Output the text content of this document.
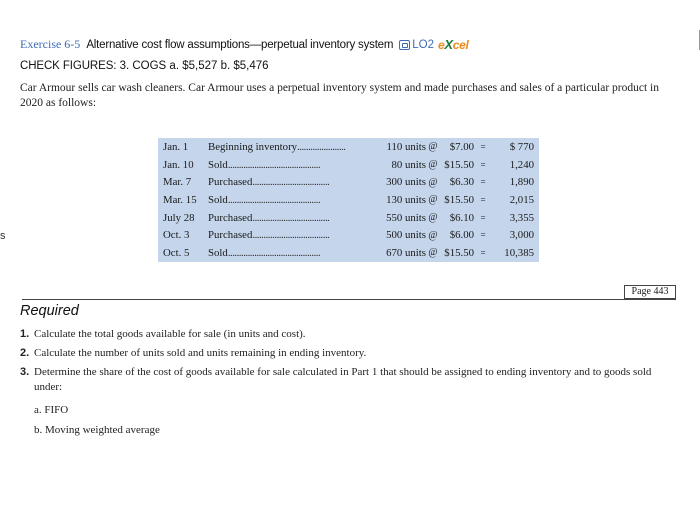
s
Exercise 6-5 Alternative cost flow assumptions—perpetual inventory system LO2 eXcel
CHECK FIGURES: 3. COGS a. $5,527 b. $5,476
Car Armour sells car wash cleaners. Car Armour uses a perpetual inventory system and made purchases and sales of a particular product in 2020 as follows:
Jan. 1	Beginning inventory......................	110 units	@	$7.00	=	$ 770
Jan. 10	Sold..........................................	80 units	@	$15.50	=	1,240
Mar. 7	Purchased...................................	300 units	@	$6.30	=	1,890
Mar. 15	Sold..........................................	130 units	@	$15.50	=	2,015
July 28	Purchased...................................	550 units	@	$6.10	=	3,355
Oct. 3	Purchased...................................	500 units	@	$6.00	=	3,000
Oct. 5	Sold..........................................	670 units	@	$15.50	=	10,385
Page 443
Required
1. Calculate the total goods available for sale (in units and cost).
2. Calculate the number of units sold and units remaining in ending inventory.
3. Determine the share of the cost of goods available for sale calculated in Part 1 that should be assigned to ending inventory and to goods sold under:
a. FIFO
b. Moving weighted average
